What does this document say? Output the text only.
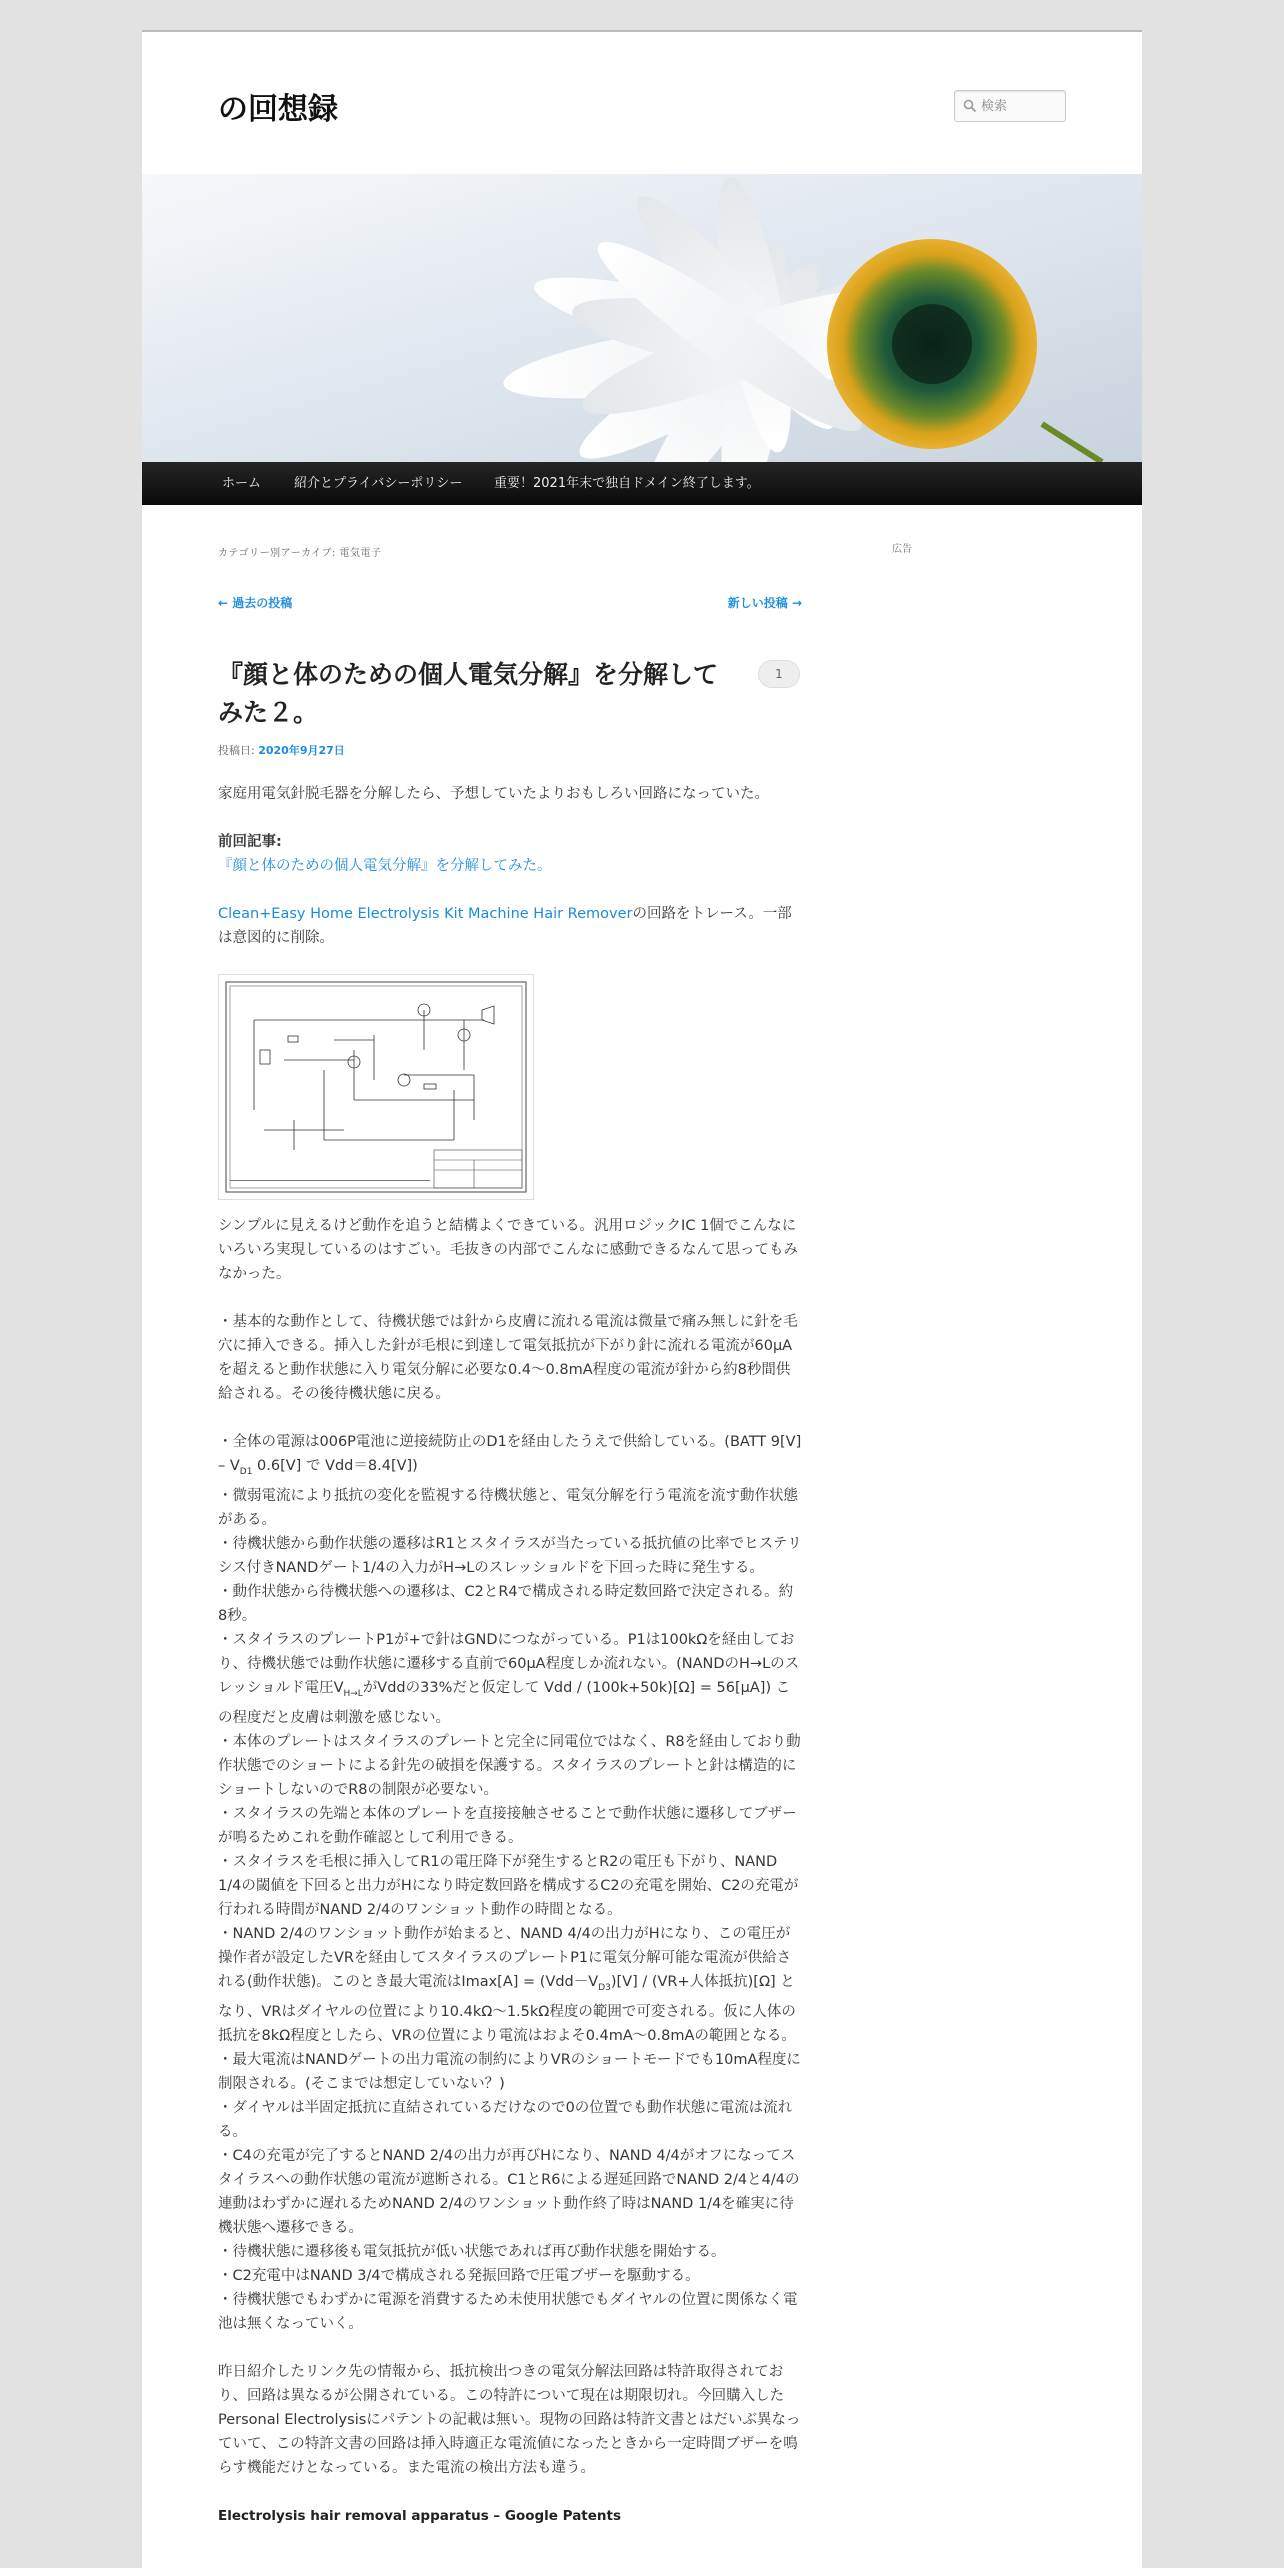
の回想録
検索
ホーム	紹介とプライバシーポリシー 重要！2021年末で独自ドメイン終了します。
カテゴリー別アーカイブ: 電気電子
← 過去の投稿	新しい投稿 →
『顔と体のための個人電気分解』を分解してみた２。
1
投稿日: 2020年9月27日

家庭用電気針脱毛器を分解したら、予想していたよりおもしろい回路になっていた。

前回記事:
『顔と体のための個人電気分解』を分解してみた。

Clean+Easy Home Electrolysis Kit Machine Hair Removerの回路をトレース。一部は意図的に削除。

シンプルに見えるけど動作を追うと結構よくできている。汎用ロジックIC 1個でこんなにいろいろ実現しているのはすごい。毛抜きの内部でこんなに感動できるなんて思ってもみなかった。

・基本的な動作として、待機状態では針から皮膚に流れる電流は微量で痛み無しに針を毛穴に挿入できる。挿入した針が毛根に到達して電気抵抗が下がり針に流れる電流が60μAを超えると動作状態に入り電気分解に必要な0.4～0.8mA程度の電流が針から約8秒間供給される。その後待機状態に戻る。

・全体の電源は006P電池に逆接続防止のD1を経由したうえで供給している。(BATT $9[V] - V_{D1}$ 0.6[V] で Vdd＝8.4[V])
・微弱電流により抵抗の変化を監視する待機状態と、電気分解を行う電流を流す動作状態がある。
・待機状態から動作状態の遷移はR1とスタイラスが当たっている抵抗値の比率でヒステリシス付きNANDゲート1/4の入力がH→Lのスレッショルドを下回った時に発生する。
・動作状態から待機状態への遷移は、C2とR4で構成される時定数回路で決定される。約8秒。
・スタイラスのプレートP1が+で針はGNDにつながっている。P1は100kΩを経由しており、待機状態では動作状態に遷移する直前で60μA程度しか流れない。(NANDのH→Lのスレッショルド電圧$V_{H\to L}$がVddの33%だと仮定して Vdd / (100k+50k)[Ω] = 56[μA]) この程度だと皮膚は刺激を感じない。
・本体のプレートはスタイラスのプレートと完全に同電位ではなく、R8を経由しており動作状態でのショートによる針先の破損を保護する。スタイラスのプレートと針は構造的にショートしないのでR8の制限が必要ない。
・スタイラスの先端と本体のプレートを直接接触させることで動作状態に遷移してブザーが鳴るためこれを動作確認として利用できる。
・スタイラスを毛根に挿入してR1の電圧降下が発生するとR2の電圧も下がり、NAND 1/4の閾値を下回ると出力がHになり時定数回路を構成するC2の充電を開始、C2の充電が行われる時間がNAND 2/4のワンショット動作の時間となる。
・NAND 2/4のワンショット動作が始まると、NAND 4/4の出力がHになり、この電圧が操作者が設定したVRを経由してスタイラスのプレートP1に電気分解可能な電流が供給される(動作状態)。このとき最大電流は$Imax[A] = (Vdd-V_{D3})[V] / (VR+$人体抵抗)[Ω] となり、VRはダイヤルの位置により10.4kΩ～1.5kΩ程度の範囲で可変される。仮に人体の抵抗を8kΩ程度としたら、VRの位置により電流はおよそ0.4mA～0.8mAの範囲となる。
・最大電流はNANDゲートの出力電流の制約によりVRのショートモードでも10mA程度に制限される。(そこまでは想定していない？)
・ダイヤルは半固定抵抗に直結されているだけなので0の位置でも動作状態に電流は流れる。
・C4の充電が完了するとNAND 2/4の出力が再びHになり、NAND 4/4がオフになってスタイラスへの動作状態の電流が遮断される。C1とR6による遅延回路でNAND 2/4と4/4の連動はわずかに遅れるためNAND 2/4のワンショット動作終了時はNAND 1/4を確実に待機状態へ遷移できる。
・待機状態に遷移後も電気抵抗が低い状態であれば再び動作状態を開始する。
・C2充電中はNAND 3/4で構成される発振回路で圧電ブザーを駆動する。
・待機状態でもわずかに電源を消費するため未使用状態でもダイヤルの位置に関係なく電池は無くなっていく。

昨日紹介したリンク先の情報から、抵抗検出つきの電気分解法回路は特許取得されており、回路は異なるが公開されている。この特許について現在は期限切れ。今回購入したPersonal Electrolysisにパテントの記載は無い。現物の回路は特許文書とはだいぶ異なっていて、この特許文書の回路は挿入時適正な電流値になったときから一定時間ブザーを鳴らす機能だけとなっている。また電流の検出方法も違う。

Electrolysis hair removal apparatus – Google Patents

広告
